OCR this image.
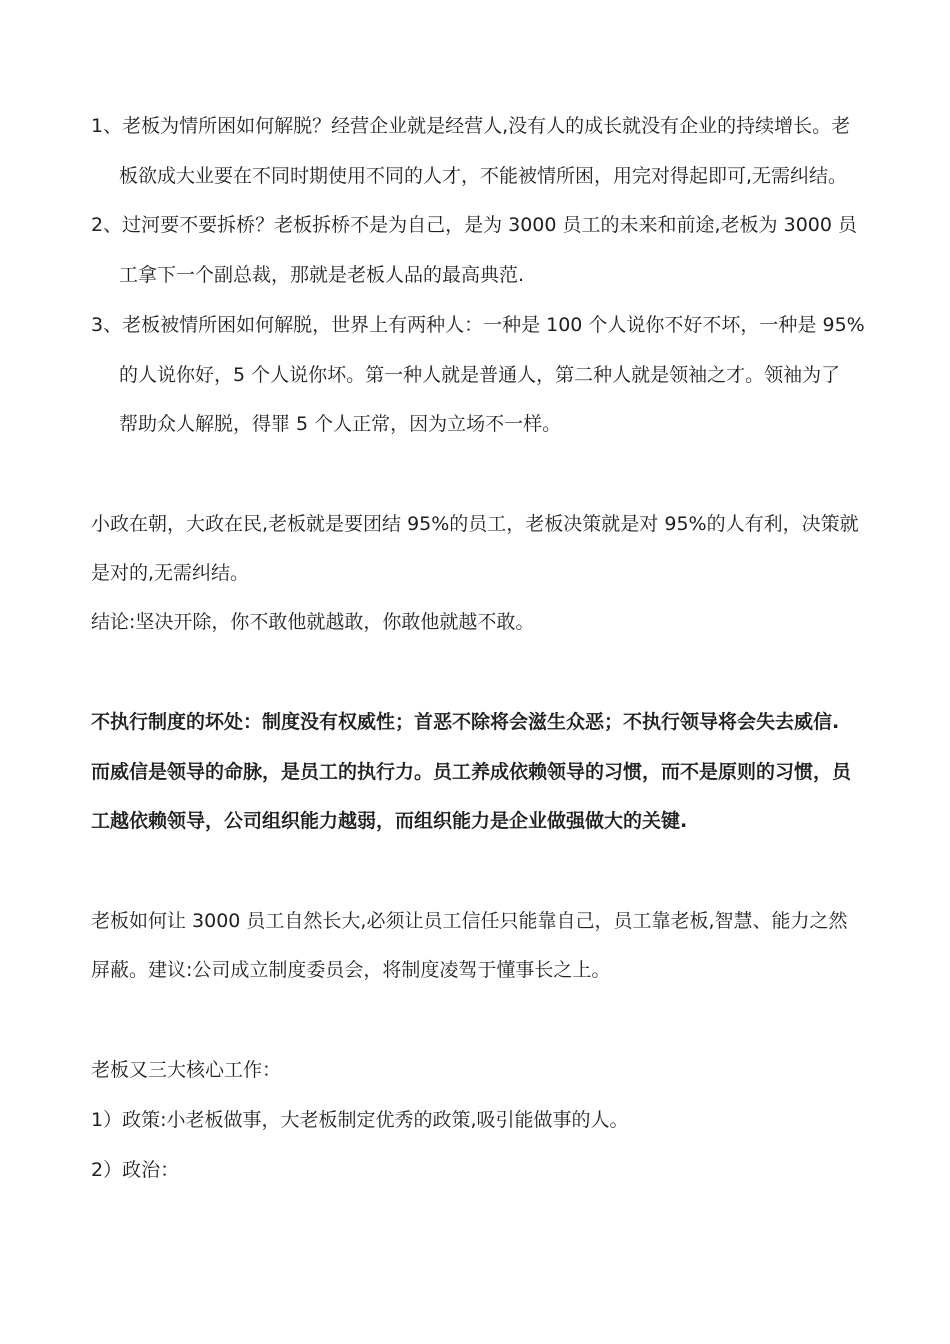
1、老板为情所困如何解脱？经营企业就是经营人,没有人的成长就没有企业的持续增长。老
板欲成大业要在不同时期使用不同的人才，不能被情所困，用完对得起即可,无需纠结。
2、过河要不要拆桥？老板拆桥不是为自己，是为 3000 员工的未来和前途,老板为 3000 员
工拿下一个副总裁，那就是老板人品的最高典范.
3、老板被情所困如何解脱，世界上有两种人：一种是 100 个人说你不好不坏，一种是 95%
的人说你好，5 个人说你坏。第一种人就是普通人，第二种人就是领袖之才。领袖为了
帮助众人解脱，得罪 5 个人正常，因为立场不一样。
小政在朝，大政在民,老板就是要团结 95%的员工，老板决策就是对 95%的人有利，决策就
是对的,无需纠结。
结论:坚决开除，你不敢他就越敢，你敢他就越不敢。
不执行制度的坏处：制度没有权威性；首恶不除将会滋生众恶；不执行领导将会失去威信.
而威信是领导的命脉，是员工的执行力。员工养成依赖领导的习惯，而不是原则的习惯，员
工越依赖领导，公司组织能力越弱，而组织能力是企业做强做大的关键.
老板如何让 3000 员工自然长大,必须让员工信任只能靠自己，员工靠老板,智慧、能力之然
屏蔽。建议:公司成立制度委员会，将制度凌驾于懂事长之上。
老板又三大核心工作：
1）政策:小老板做事，大老板制定优秀的政策,吸引能做事的人。
2）政治：
